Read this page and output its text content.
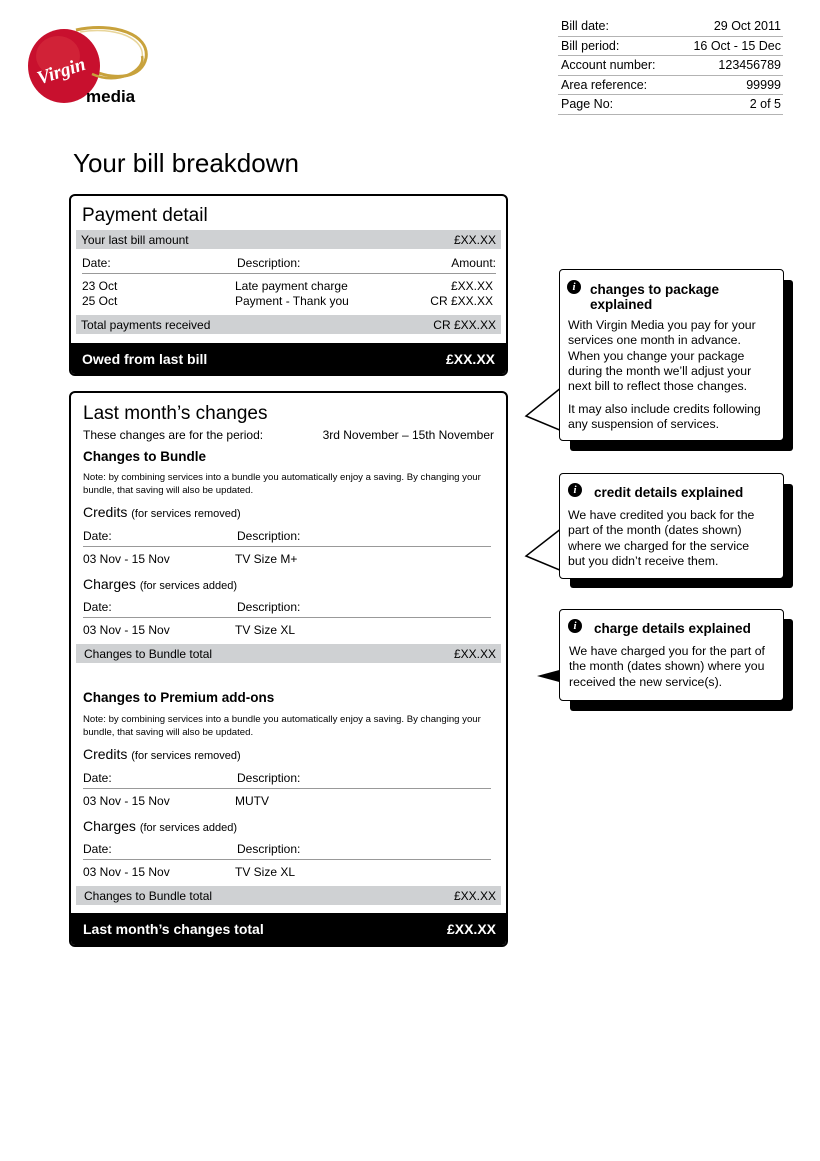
Virgin
media
Bill date:	29 Oct 2011
Bill period:	16 Oct - 15 Dec
Account number:	123456789
Area reference:	99999
Page No:	2 of 5
Your bill breakdown
Payment detail
Your last bill amount	£XX.XX
Date:	Description:	Amount:
23 Oct	Late payment charge	£XX.XX
25 Oct	Payment - Thank you	CR £XX.XX
Total payments received	CR £XX.XX
Owed from last bill	£XX.XX
Last month’s changes
These changes are for the period:	3rd November – 15th November
Changes to Bundle
Note: by combining services into a bundle you automatically enjoy a saving. By changing your bundle, that saving will also be updated.
Credits (for services removed)
Date:	Description:
03 Nov - 15 Nov	TV Size M+
Charges (for services added)
Date:	Description:
03 Nov - 15 Nov	TV Size XL
Changes to Bundle total	£XX.XX
Changes to Premium add-ons
Note: by combining services into a bundle you automatically enjoy a saving. By changing your bundle, that saving will also be updated.
Credits (for services removed)
Date:	Description:
03 Nov - 15 Nov	MUTV
Charges (for services added)
Date:	Description:
03 Nov - 15 Nov	TV Size XL
Changes to Bundle total	£XX.XX
Last month’s changes total	£XX.XX
i	changes to package
explained
With Virgin Media you pay for your
services one month in advance.
When you change your package
during the month we’ll adjust your
next bill to reflect those changes.
It may also include credits following
any suspension of services.
i	credit details explained
We have credited you back for the
part of the month (dates shown)
where we charged for the service
but you didn’t receive them.
i	charge details explained
We have charged you for the part of
the month (dates shown) where you
received the new service(s).
